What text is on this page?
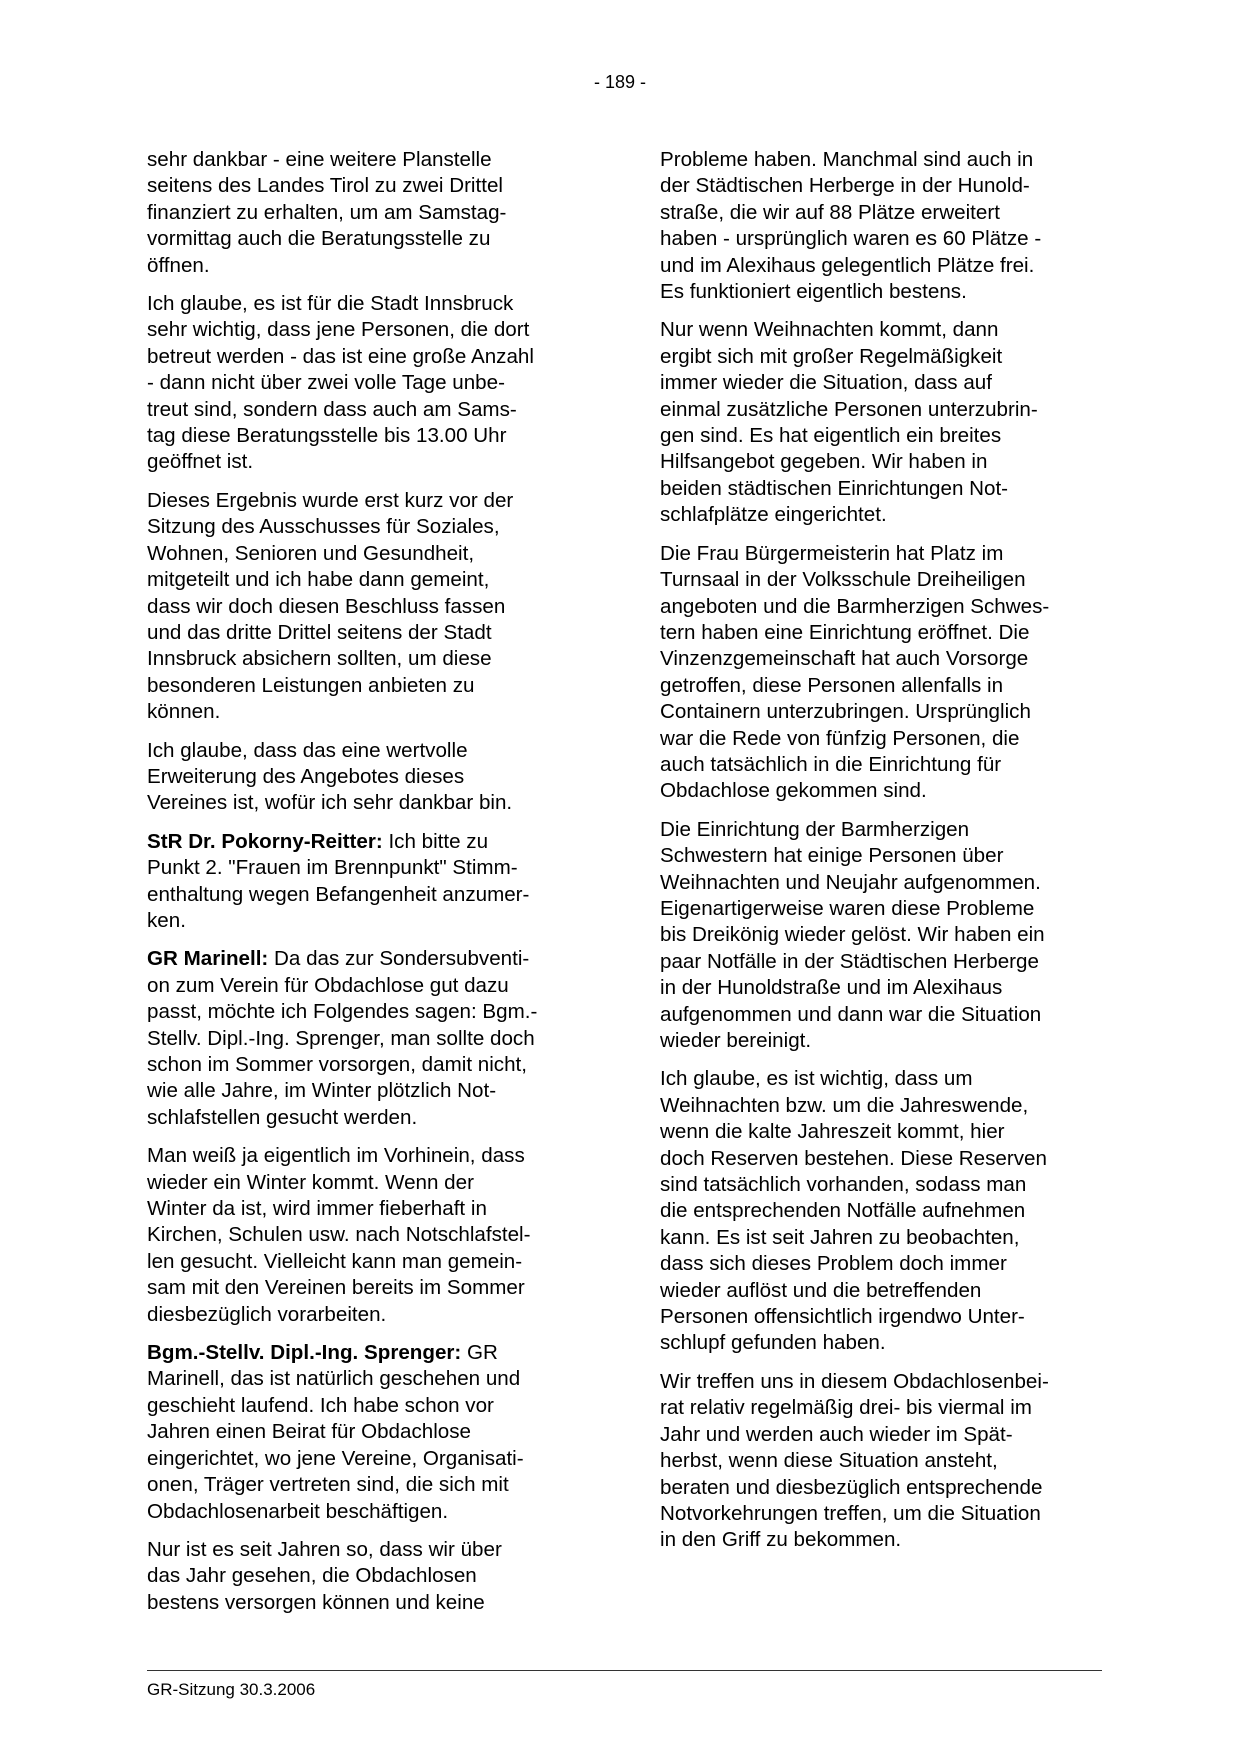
- 189 -

sehr dankbar - eine weitere Planstelle
seitens des Landes Tirol zu zwei Drittel
finanziert zu erhalten, um am Samstag-
vormittag auch die Beratungsstelle zu
öffnen.

Ich glaube, es ist für die Stadt Innsbruck
sehr wichtig, dass jene Personen, die dort
betreut werden - das ist eine große Anzahl
- dann nicht über zwei volle Tage unbe-
treut sind, sondern dass auch am Sams-
tag diese Beratungsstelle bis 13.00 Uhr
geöffnet ist.

Dieses Ergebnis wurde erst kurz vor der
Sitzung des Ausschusses für Soziales,
Wohnen, Senioren und Gesundheit,
mitgeteilt und ich habe dann gemeint,
dass wir doch diesen Beschluss fassen
und das dritte Drittel seitens der Stadt
Innsbruck absichern sollten, um diese
besonderen Leistungen anbieten zu
können.

Ich glaube, dass das eine wertvolle
Erweiterung des Angebotes dieses
Vereines ist, wofür ich sehr dankbar bin.

StR Dr. Pokorny-Reitter: Ich bitte zu
Punkt 2. "Frauen im Brennpunkt" Stimm-
enthaltung wegen Befangenheit anzumer-
ken.

GR Marinell: Da das zur Sondersubventi-
on zum Verein für Obdachlose gut dazu
passt, möchte ich Folgendes sagen: Bgm.-
Stellv. Dipl.-Ing. Sprenger, man sollte doch
schon im Sommer vorsorgen, damit nicht,
wie alle Jahre, im Winter plötzlich Not-
schlafstellen gesucht werden.

Man weiß ja eigentlich im Vorhinein, dass
wieder ein Winter kommt. Wenn der
Winter da ist, wird immer fieberhaft in
Kirchen, Schulen usw. nach Notschlafstel-
len gesucht. Vielleicht kann man gemein-
sam mit den Vereinen bereits im Sommer
diesbezüglich vorarbeiten.

Bgm.-Stellv. Dipl.-Ing. Sprenger: GR
Marinell, das ist natürlich geschehen und
geschieht laufend. Ich habe schon vor
Jahren einen Beirat für Obdachlose
eingerichtet, wo jene Vereine, Organisati-
onen, Träger vertreten sind, die sich mit
Obdachlosenarbeit beschäftigen.

Nur ist es seit Jahren so, dass wir über
das Jahr gesehen, die Obdachlosen
bestens versorgen können und keine

Probleme haben. Manchmal sind auch in
der Städtischen Herberge in der Hunold-
straße, die wir auf 88 Plätze erweitert
haben - ursprünglich waren es 60 Plätze -
und im Alexihaus gelegentlich Plätze frei.
Es funktioniert eigentlich bestens.

Nur wenn Weihnachten kommt, dann
ergibt sich mit großer Regelmäßigkeit
immer wieder die Situation, dass auf
einmal zusätzliche Personen unterzubrin-
gen sind. Es hat eigentlich ein breites
Hilfsangebot gegeben. Wir haben in
beiden städtischen Einrichtungen Not-
schlafplätze eingerichtet.

Die Frau Bürgermeisterin hat Platz im
Turnsaal in der Volksschule Dreiheiligen
angeboten und die Barmherzigen Schwes-
tern haben eine Einrichtung eröffnet. Die
Vinzenzgemeinschaft hat auch Vorsorge
getroffen, diese Personen allenfalls in
Containern unterzubringen. Ursprünglich
war die Rede von fünfzig Personen, die
auch tatsächlich in die Einrichtung für
Obdachlose gekommen sind.

Die Einrichtung der Barmherzigen
Schwestern hat einige Personen über
Weihnachten und Neujahr aufgenommen.
Eigenartigerweise waren diese Probleme
bis Dreikönig wieder gelöst. Wir haben ein
paar Notfälle in der Städtischen Herberge
in der Hunoldstraße und im Alexihaus
aufgenommen und dann war die Situation
wieder bereinigt.

Ich glaube, es ist wichtig, dass um
Weihnachten bzw. um die Jahreswende,
wenn die kalte Jahreszeit kommt, hier
doch Reserven bestehen. Diese Reserven
sind tatsächlich vorhanden, sodass man
die entsprechenden Notfälle aufnehmen
kann. Es ist seit Jahren zu beobachten,
dass sich dieses Problem doch immer
wieder auflöst und die betreffenden
Personen offensichtlich irgendwo Unter-
schlupf gefunden haben.

Wir treffen uns in diesem Obdachlosenbei-
rat relativ regelmäßig drei- bis viermal im
Jahr und werden auch wieder im Spät-
herbst, wenn diese Situation ansteht,
beraten und diesbezüglich entsprechende
Notvorkehrungen treffen, um die Situation
in den Griff zu bekommen.

GR-Sitzung 30.3.2006
